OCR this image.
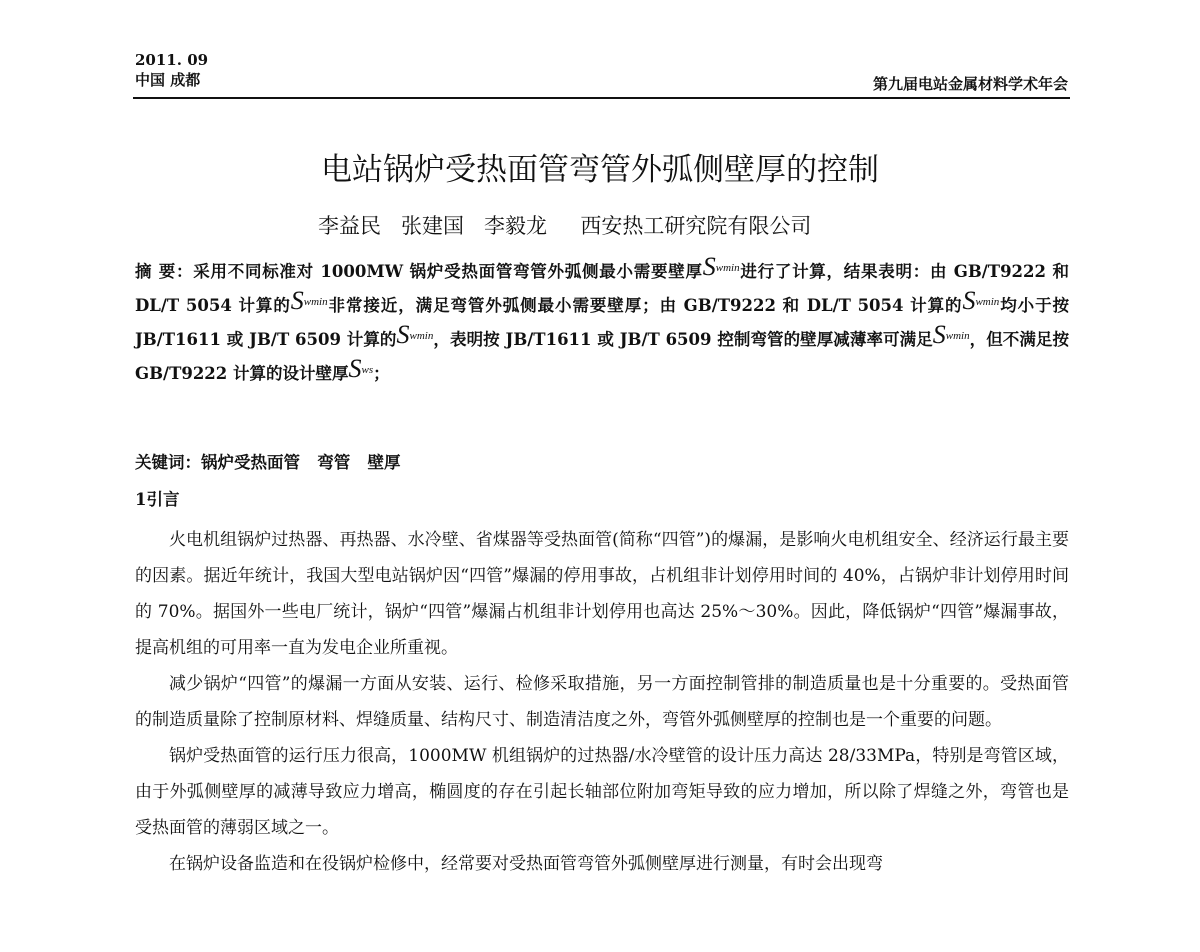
2011. 09
中国 成都	第九届电站金属材料学术年会
电站锅炉受热面管弯管外弧侧壁厚的控制
李益民   张建国   李毅龙     西安热工研究院有限公司
摘 要：采用不同标准对 1000MW 锅炉受热面管弯管外弧侧最小需要壁厚$S_{wmin}$进行了计算，结果表明：由 GB/T9222 和 DL/T 5054 计算的$S_{wmin}$非常接近，满足弯管外弧侧最小需要壁厚；由 GB/T9222 和 DL/T 5054 计算的$S_{wmin}$均小于按 JB/T1611 或 JB/T 6509 计算的$S_{wmin}$，表明按 JB/T1611 或 JB/T 6509 控制弯管的壁厚减薄率可满足$S_{wmin}$，但不满足按 GB/T9222 计算的设计壁厚$S_{ws}$；
关键词：锅炉受热面管   弯管   壁厚
1引言

火电机组锅炉过热器、再热器、水冷壁、省煤器等受热面管(简称“四管”)的爆漏，是影响火电机组安全、经济运行最主要的因素。据近年统计，我国大型电站锅炉因“四管”爆漏的停用事故，占机组非计划停用时间的 40%，占锅炉非计划停用时间的 70%。据国外一些电厂统计，锅炉“四管”爆漏占机组非计划停用也高达 25%～30%。因此，降低锅炉“四管”爆漏事故，提高机组的可用率一直为发电企业所重视。

减少锅炉“四管”的爆漏一方面从安装、运行、检修采取措施，另一方面控制管排的制造质量也是十分重要的。受热面管的制造质量除了控制原材料、焊缝质量、结构尺寸、制造清洁度之外，弯管外弧侧壁厚的控制也是一个重要的问题。

锅炉受热面管的运行压力很高，1000MW 机组锅炉的过热器/水冷壁管的设计压力高达 28/33MPa，特别是弯管区域，由于外弧侧壁厚的减薄导致应力增高，椭圆度的存在引起长轴部位附加弯矩导致的应力增加，所以除了焊缝之外，弯管也是受热面管的薄弱区域之一。

在锅炉设备监造和在役锅炉检修中，经常要对受热面管弯管外弧侧壁厚进行测量，有时会出现弯
